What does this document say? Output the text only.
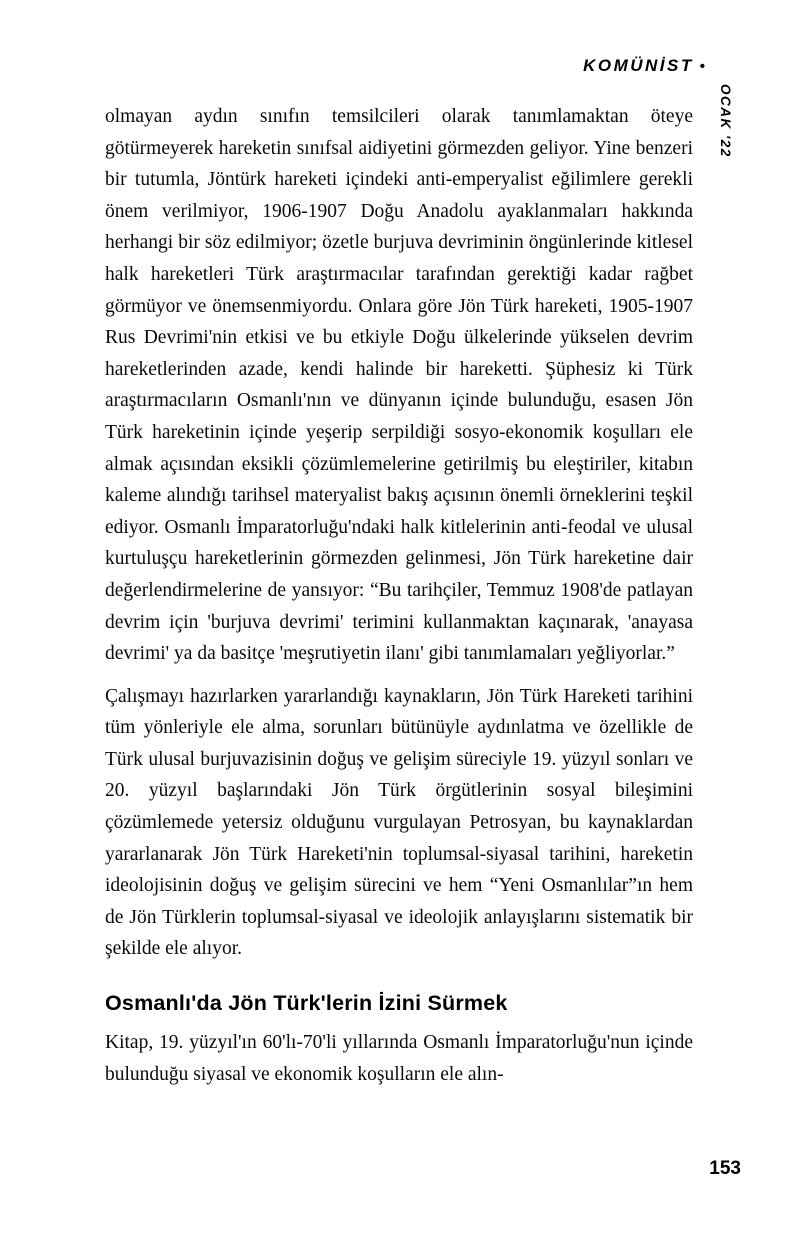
KOMÜNİST •
OCAK '22

olmayan aydın sınıfın temsilcileri olarak tanımlamaktan öteye götürmeyerek hareketin sınıfsal aidiyetini görmezden geliyor. Yine benzeri bir tutumla, Jöntürk hareketi içindeki anti-emperyalist eğilimlere gerekli önem verilmiyor, 1906-1907 Doğu Anadolu ayaklanmaları hakkında herhangi bir söz edilmiyor; özetle burjuva devriminin öngünlerinde kitlesel halk hareketleri Türk araştırmacılar tarafından gerektiği kadar rağbet görmüyor ve önemsenmiyordu. Onlara göre Jön Türk hareketi, 1905-1907 Rus Devrimi'nin etkisi ve bu etkiyle Doğu ülkelerinde yükselen devrim hareketlerinden azade, kendi halinde bir hareketti. Şüphesiz ki Türk araştırmacıların Osmanlı'nın ve dünyanın içinde bulunduğu, esasen Jön Türk hareketinin içinde yeşerip serpildiği sosyo-ekonomik koşulları ele almak açısından eksikli çözümlemelerine getirilmiş bu eleştiriler, kitabın kaleme alındığı tarihsel materyalist bakış açısının önemli örneklerini teşkil ediyor. Osmanlı İmparatorluğu'ndaki halk kitlelerinin anti-feodal ve ulusal kurtuluşçu hareketlerinin görmezden gelinmesi, Jön Türk hareketine dair değerlendirmelerine de yansıyor: “Bu tarihçiler, Temmuz 1908'de patlayan devrim için 'burjuva devrimi' terimini kullanmaktan kaçınarak, 'anayasa devrimi' ya da basitçe 'meşrutiyetin ilanı' gibi tanımlamaları yeğliyorlar.”

Çalışmayı hazırlarken yararlandığı kaynakların, Jön Türk Hareketi tarihini tüm yönleriyle ele alma, sorunları bütünüyle aydınlatma ve özellikle de Türk ulusal burjuvazisinin doğuş ve gelişim süreciyle 19. yüzyıl sonları ve 20. yüzyıl başlarındaki Jön Türk örgütlerinin sosyal bileşimini çözümlemede yetersiz olduğunu vurgulayan Petrosyan, bu kaynaklardan yararlanarak Jön Türk Hareketi'nin toplumsal-siyasal tarihini, hareketin ideolojisinin doğuş ve gelişim sürecini ve hem “Yeni Osmanlılar”ın hem de Jön Türklerin toplumsal-siyasal ve ideolojik anlayışlarını sistematik bir şekilde ele alıyor.

Osmanlı'da Jön Türk'lerin İzini Sürmek

Kitap, 19. yüzyıl'ın 60'lı-70'li yıllarında Osmanlı İmparatorluğu'nun içinde bulunduğu siyasal ve ekonomik koşulların ele alın-

153
